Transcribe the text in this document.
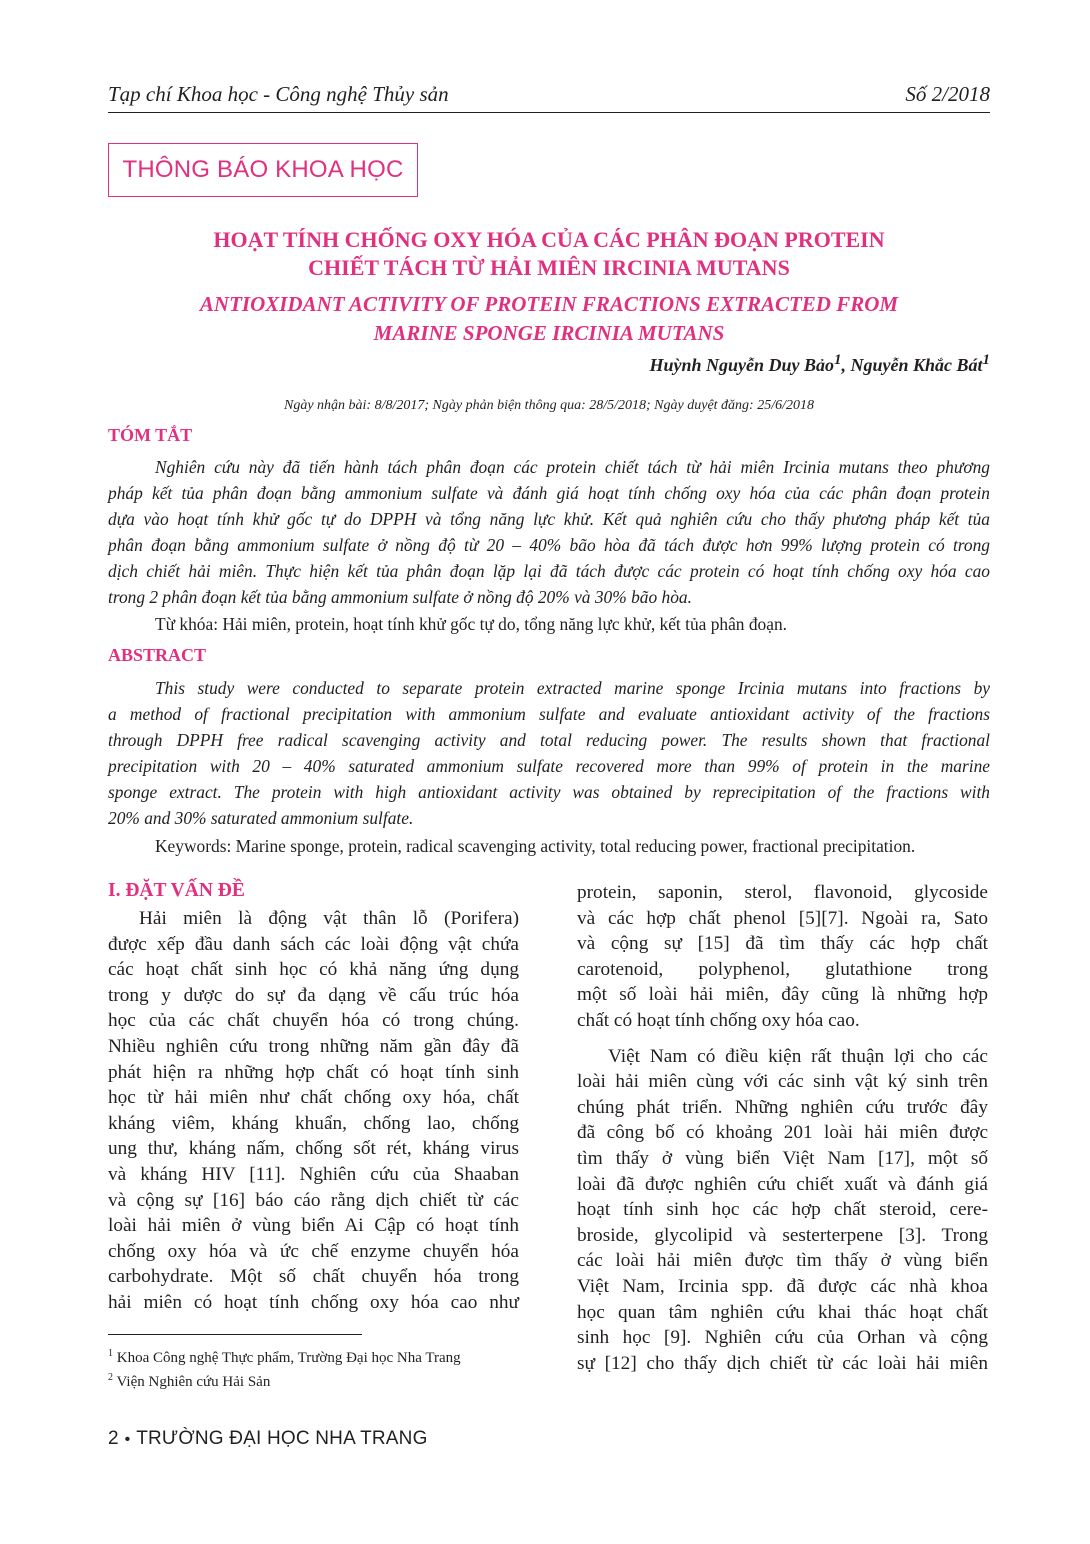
Tạp chí Khoa học - Công nghệ Thủy sản	Số 2/2018
THÔNG BÁO KHOA HỌC
HOẠT TÍNH CHỐNG OXY HÓA CỦA CÁC PHÂN ĐOẠN PROTEIN
CHIẾT TÁCH TỪ HẢI MIÊN IRCINIA MUTANS
ANTIOXIDANT ACTIVITY OF PROTEIN FRACTIONS EXTRACTED FROM
MARINE SPONGE IRCINIA MUTANS
Huỳnh Nguyễn Duy Bảo$^1$, Nguyễn Khắc Bát$^1$
Ngày nhận bài: 8/8/2017; Ngày phản biện thông qua: 28/5/2018; Ngày duyệt đăng: 25/6/2018
TÓM TẮT
Nghiên cứu này đã tiến hành tách phân đoạn các protein chiết tách từ hải miên Ircinia mutans theo phương
pháp kết tủa phân đoạn bằng ammonium sulfate và đánh giá hoạt tính chống oxy hóa của các phân đoạn protein
dựa vào hoạt tính khử gốc tự do DPPH và tổng năng lực khử. Kết quả nghiên cứu cho thấy phương pháp kết tủa
phân đoạn bằng ammonium sulfate ở nồng độ từ 20 – 40% bão hòa đã tách được hơn 99% lượng protein có trong
dịch chiết hải miên. Thực hiện kết tủa phân đoạn lặp lại đã tách được các protein có hoạt tính chống oxy hóa cao
trong 2 phân đoạn kết tủa bằng ammonium sulfate ở nồng độ 20% và 30% bão hòa.
Từ khóa: Hải miên, protein, hoạt tính khử gốc tự do, tổng năng lực khử, kết tủa phân đoạn.
ABSTRACT
This study were conducted to separate protein extracted marine sponge Ircinia mutans into fractions by
a method of fractional precipitation with ammonium sulfate and evaluate antioxidant activity of the fractions
through DPPH free radical scavenging activity and total reducing power. The results shown that fractional
precipitation with 20 – 40% saturated ammonium sulfate recovered more than 99% of protein in the marine
sponge extract. The protein with high antioxidant activity was obtained by reprecipitation of the fractions with
20% and 30% saturated ammonium sulfate.
Keywords: Marine sponge, protein, radical scavenging activity, total reducing power, fractional precipitation.
I. ĐẶT VẤN ĐỀ
Hải miên là động vật thân lỗ (Porifera)
được xếp đầu danh sách các loài động vật chứa
các hoạt chất sinh học có khả năng ứng dụng
trong y dược do sự đa dạng về cấu trúc hóa
học của các chất chuyển hóa có trong chúng.
Nhiều nghiên cứu trong những năm gần đây đã
phát hiện ra những hợp chất có hoạt tính sinh
học từ hải miên như chất chống oxy hóa, chất
kháng viêm, kháng khuẩn, chống lao, chống
ung thư, kháng nấm, chống sốt rét, kháng virus
và kháng HIV [11]. Nghiên cứu của Shaaban
và cộng sự [16] báo cáo rằng dịch chiết từ các
loài hải miên ở vùng biển Ai Cập có hoạt tính
chống oxy hóa và ức chế enzyme chuyển hóa
carbohydrate. Một số chất chuyển hóa trong
hải miên có hoạt tính chống oxy hóa cao như
protein, saponin, sterol, flavonoid, glycoside
và các hợp chất phenol [5][7]. Ngoài ra, Sato
và cộng sự [15] đã tìm thấy các hợp chất
carotenoid, polyphenol, glutathione trong
một số loài hải miên, đây cũng là những hợp
chất có hoạt tính chống oxy hóa cao.
Việt Nam có điều kiện rất thuận lợi cho các
loài hải miên cùng với các sinh vật ký sinh trên
chúng phát triển. Những nghiên cứu trước đây
đã công bố có khoảng 201 loài hải miên được
tìm thấy ở vùng biển Việt Nam [17], một số
loài đã được nghiên cứu chiết xuất và đánh giá
hoạt tính sinh học các hợp chất steroid, cere-
broside, glycolipid và sesterterpene [3]. Trong
các loài hải miên được tìm thấy ở vùng biển
Việt Nam, Ircinia spp. đã được các nhà khoa
học quan tâm nghiên cứu khai thác hoạt chất
sinh học [9]. Nghiên cứu của Orhan và cộng
sự [12] cho thấy dịch chiết từ các loài hải miên
$^1$ Khoa Công nghệ Thực phẩm, Trường Đại học Nha Trang
$^2$ Viện Nghiên cứu Hải Sản
2 • TRƯỜNG ĐẠI HỌC NHA TRANG
